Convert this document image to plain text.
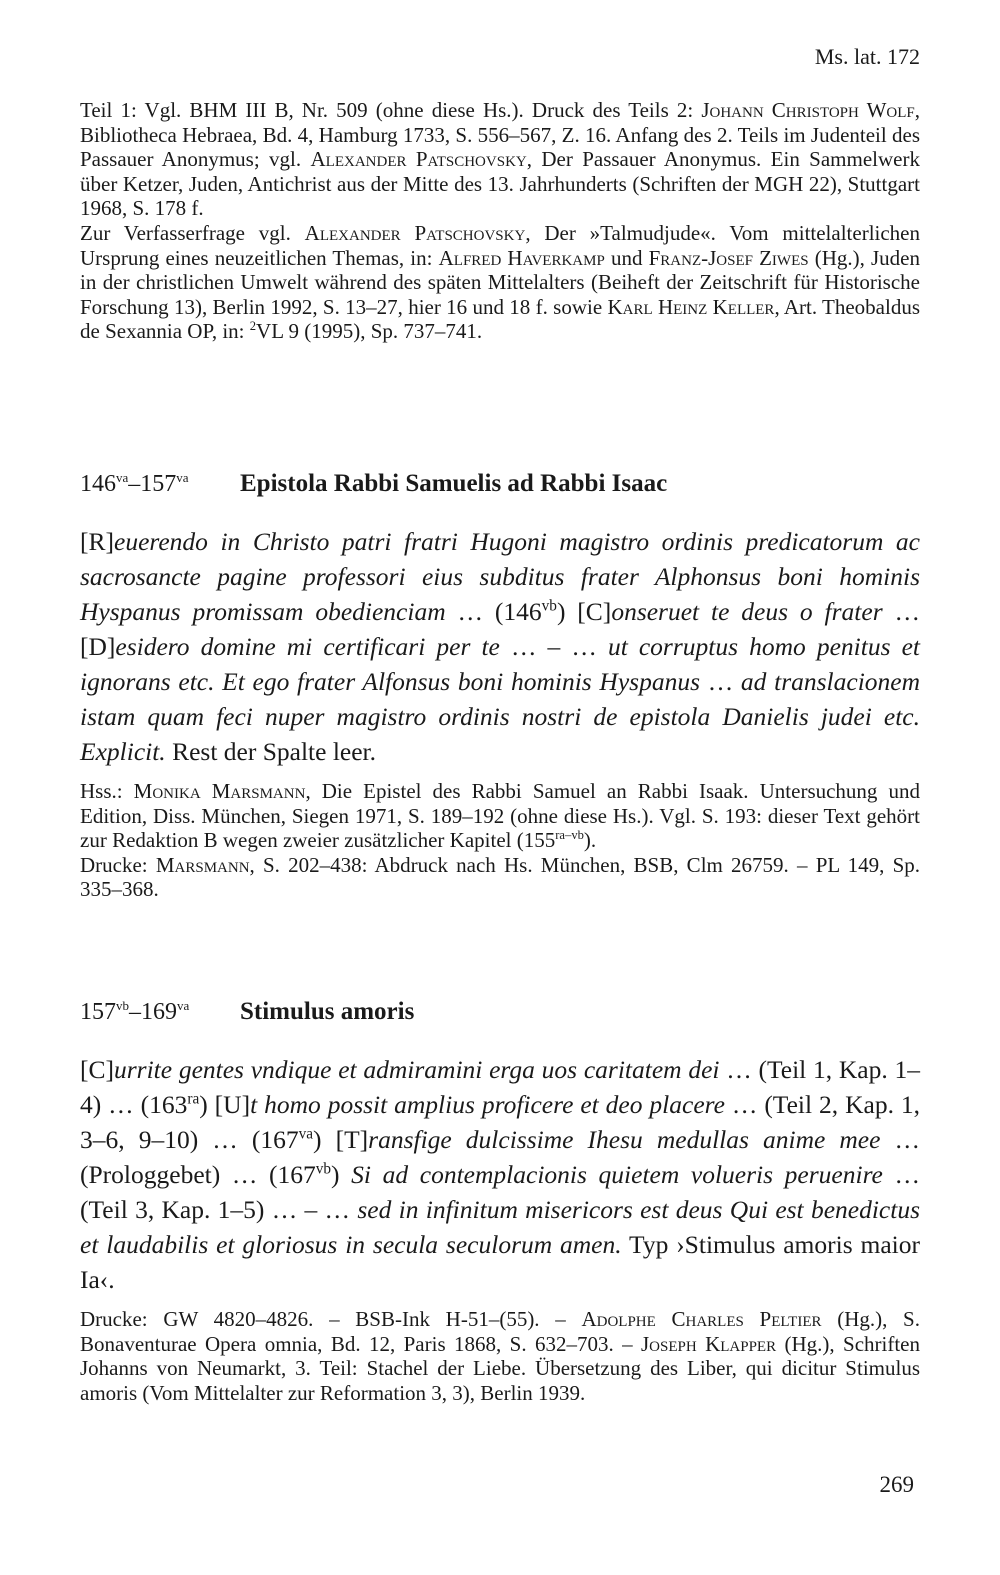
Ms. lat. 172

Teil 1: Vgl. BHM III B, Nr. 509 (ohne diese Hs.). Druck des Teils 2: Johann Christoph Wolf, Bibliotheca Hebraea, Bd. 4, Hamburg 1733, S. 556–567, Z. 16. Anfang des 2. Teils im Judenteil des Passauer Anonymus; vgl. Alexander Patschovsky, Der Passauer Anonymus. Ein Sammelwerk über Ketzer, Juden, Antichrist aus der Mitte des 13. Jahrhunderts (Schriften der MGH 22), Stuttgart 1968, S. 178 f.

Zur Verfasserfrage vgl. Alexander Patschovsky, Der »Talmudjude«. Vom mittelalterlichen Ursprung eines neuzeitlichen Themas, in: Alfred Haverkamp und Franz-Josef Ziwes (Hg.), Juden in der christlichen Umwelt während des späten Mittelalters (Beiheft der Zeitschrift für Historische Forschung 13), Berlin 1992, S. 13–27, hier 16 und 18 f. sowie Karl Heinz Keller, Art. Theobaldus de Sexannia OP, in: $^2$VL 9 (1995), Sp. 737–741.

$146^{va}-157^{va}$	Epistola Rabbi Samuelis ad Rabbi Isaac

[R]euerendo in Christo patri fratri Hugoni magistro ordinis predicatorum ac sacrosancte pagine professori eius subditus frater Alphonsus boni hominis Hyspanus promissam obedienciam … $(146^{vb})$ [C]onseruet te deus o frater … [D]esidero domine mi certificari per te … – … ut corruptus homo penitus et ignorans etc. Et ego frater Alfonsus boni hominis Hyspanus … ad translacionem istam quam feci nuper magistro ordinis nostri de epistola Danielis judei etc. Explicit. Rest der Spalte leer.

Hss.: Monika Marsmann, Die Epistel des Rabbi Samuel an Rabbi Isaak. Untersuchung und Edition, Diss. München, Siegen 1971, S. 189–192 (ohne diese Hs.). Vgl. S. 193: dieser Text gehört zur Redaktion B wegen zweier zusätzlicher Kapitel $(155^{ra-vb})$.

Drucke: Marsmann, S. 202–438: Abdruck nach Hs. München, BSB, Clm 26759. – PL 149, Sp. 335–368.

$157^{vb}-169^{va}$	Stimulus amoris

[C]urrite gentes vndique et admiramini erga uos caritatem dei … (Teil 1, Kap. 1–4) … $(163^{ra})$ [U]t homo possit amplius proficere et deo placere … (Teil 2, Kap. 1, 3–6, 9–10) … $(167^{va})$ [T]ransfige dulcissime Ihesu medullas anime mee … (Prologgebet) … $(167^{vb})$ Si ad contemplacionis quietem volueris peruenire … (Teil 3, Kap. 1–5) … – … sed in infinitum misericors est deus Qui est benedictus et laudabilis et gloriosus in secula seculorum amen. Typ ›Stimulus amoris maior Ia‹.

Drucke: GW 4820–4826. – BSB-Ink H-51–(55). – Adolphe Charles Peltier (Hg.), S. Bonaventurae Opera omnia, Bd. 12, Paris 1868, S. 632–703. – Joseph Klapper (Hg.), Schriften Johanns von Neumarkt, 3. Teil: Stachel der Liebe. Übersetzung des Liber, qui dicitur Stimulus amoris (Vom Mittelalter zur Reformation 3, 3), Berlin 1939.

269
